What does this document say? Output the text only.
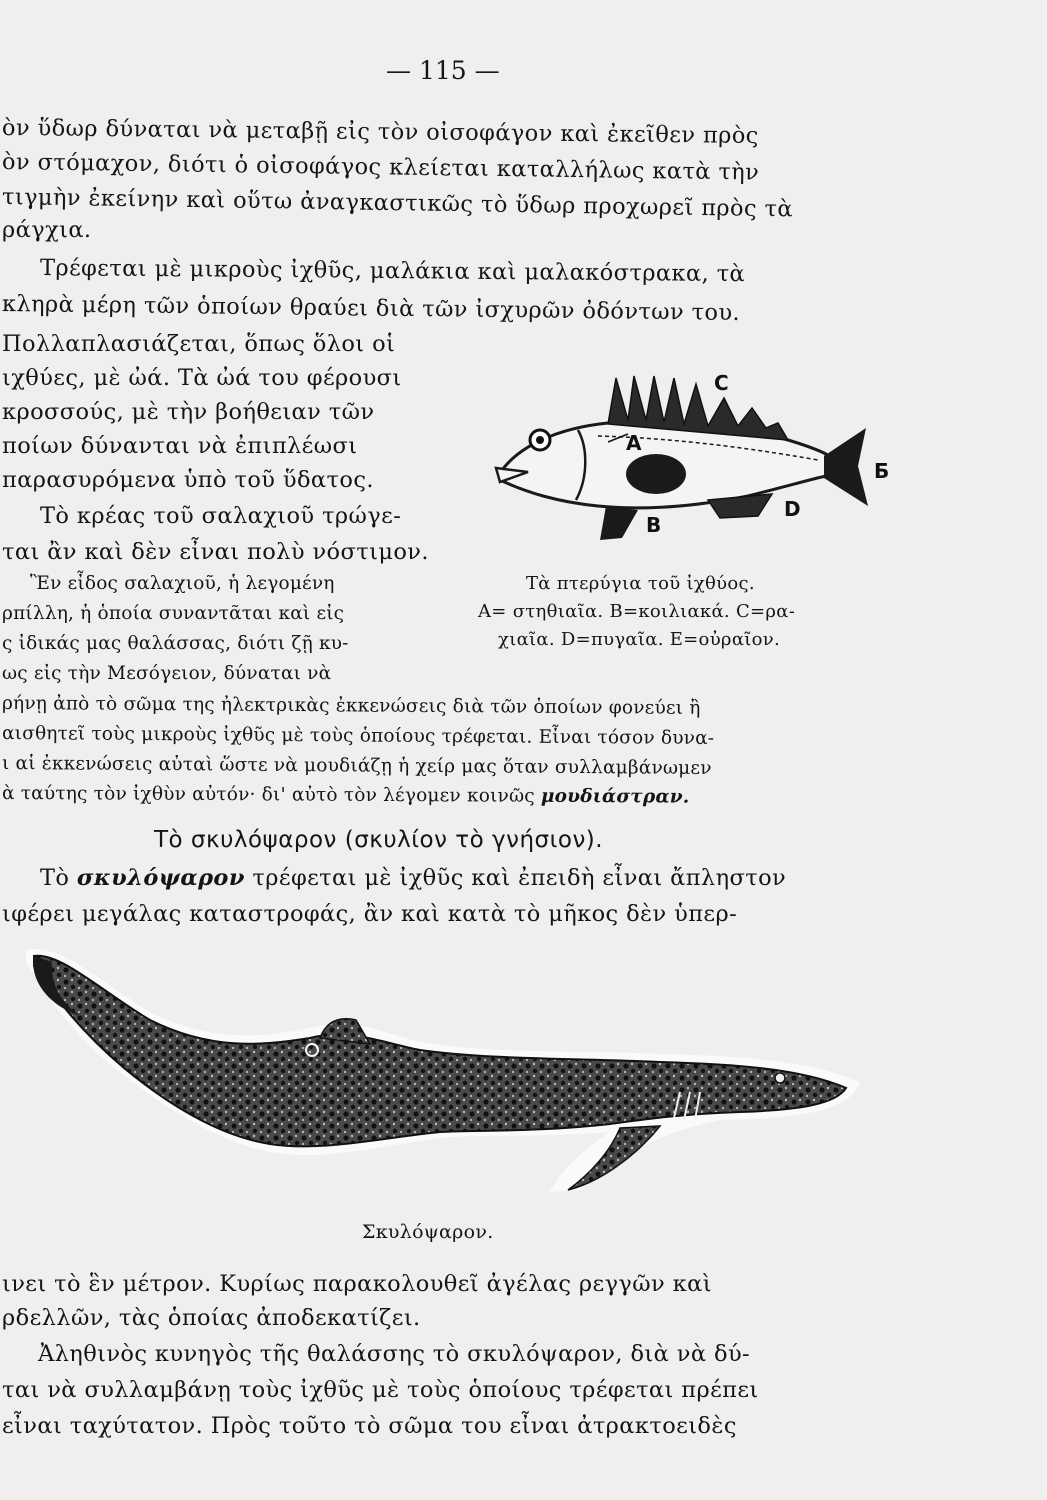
— 115 —
ὸν ὕδωρ δύναται νὰ μεταβῇ εἰς τὸν οἰσοφάγον καὶ ἐκεῖθεν πρὸς
ὸν στόμαχον, διότι ὁ οἰσοφάγος κλείεται καταλλήλως κατὰ τὴν
τιγμὴν ἐκείνην καὶ οὕτω ἀναγκαστικῶς τὸ ὕδωρ προχωρεῖ πρὸς τὰ
ράγχια.
Τρέφεται μὲ μικροὺς ἰχθῦς, μαλάκια καὶ μαλακόστρακα, τὰ
κληρὰ μέρη τῶν ὁποίων θραύει διὰ τῶν ἰσχυρῶν ὀδόντων του.
Πολλαπλασιάζεται, ὅπως ὅλοι οἱ
ιχθύες, μὲ ὠά. Τὰ ὠά του φέρουσι
κροσσούς, μὲ τὴν βοήθειαν τῶν
ποίων δύνανται νὰ ἐπιπλέωσι
παρασυρόμενα ὑπὸ τοῦ ὕδατος.
Τὸ κρέας τοῦ σαλαχιοῦ τρώγε-
ται ἂν καὶ δὲν εἶναι πολὺ νόστιμον.
Ἓν εἶδος σαλαχιοῦ, ἡ λεγομένη
ρπίλλη, ἡ ὁποία συναντᾶται καὶ εἰς
ς ἰδικάς μας θαλάσσας, διότι ζῇ κυ-
ως εἰς τὴν Μεσόγειον, δύναται νὰ
ρήνῃ ἀπὸ τὸ σῶμα της ἠλεκτρικὰς ἐκκενώσεις διὰ τῶν ὁποίων φονεύει ἢ
αισθητεῖ τοὺς μικροὺς ἰχθῦς μὲ τοὺς ὁποίους τρέφεται. Εἶναι τόσον δυνα-
ι αἱ ἐκκενώσεις αὐταὶ ὥστε νὰ μουδιάζῃ ἡ χείρ μας ὅταν συλλαμβάνωμεν
ὰ ταύτης τὸν ἰχθὺν αὐτόν· δι' αὐτὸ τὸν λέγομεν κοινῶς μουδιάστραν.
C
A
B
D
Б
Τὰ πτερύγια τοῦ ἰχθύος.
A= στηθιαῖα. B=κοιλιακά. C=ρα-
χιαῖα. D=πυγαῖα. E=οὐραῖον.
Τὸ σκυλόψαρον (σκυλίον τὸ γνήσιον).
Τὸ σκυλόψαρον τρέφεται μὲ ἰχθῦς καὶ ἐπειδὴ εἶναι ἄπληστον
ιφέρει μεγάλας καταστροφάς, ἂν καὶ κατὰ τὸ μῆκος δὲν ὑπερ-
Σκυλόψαρον.
ινει τὸ ἓν μέτρον. Κυρίως παρακολουθεῖ ἀγέλας ρεγγῶν καὶ
ρδελλῶν, τὰς ὁποίας ἀποδεκατίζει.
Ἀληθινὸς κυνηγὸς τῆς θαλάσσης τὸ σκυλόψαρον, διὰ νὰ δύ-
ται νὰ συλλαμβάνῃ τοὺς ἰχθῦς μὲ τοὺς ὁποίους τρέφεται πρέπει
εἶναι ταχύτατον. Πρὸς τοῦτο τὸ σῶμα του εἶναι ἀτρακτοειδὲς
